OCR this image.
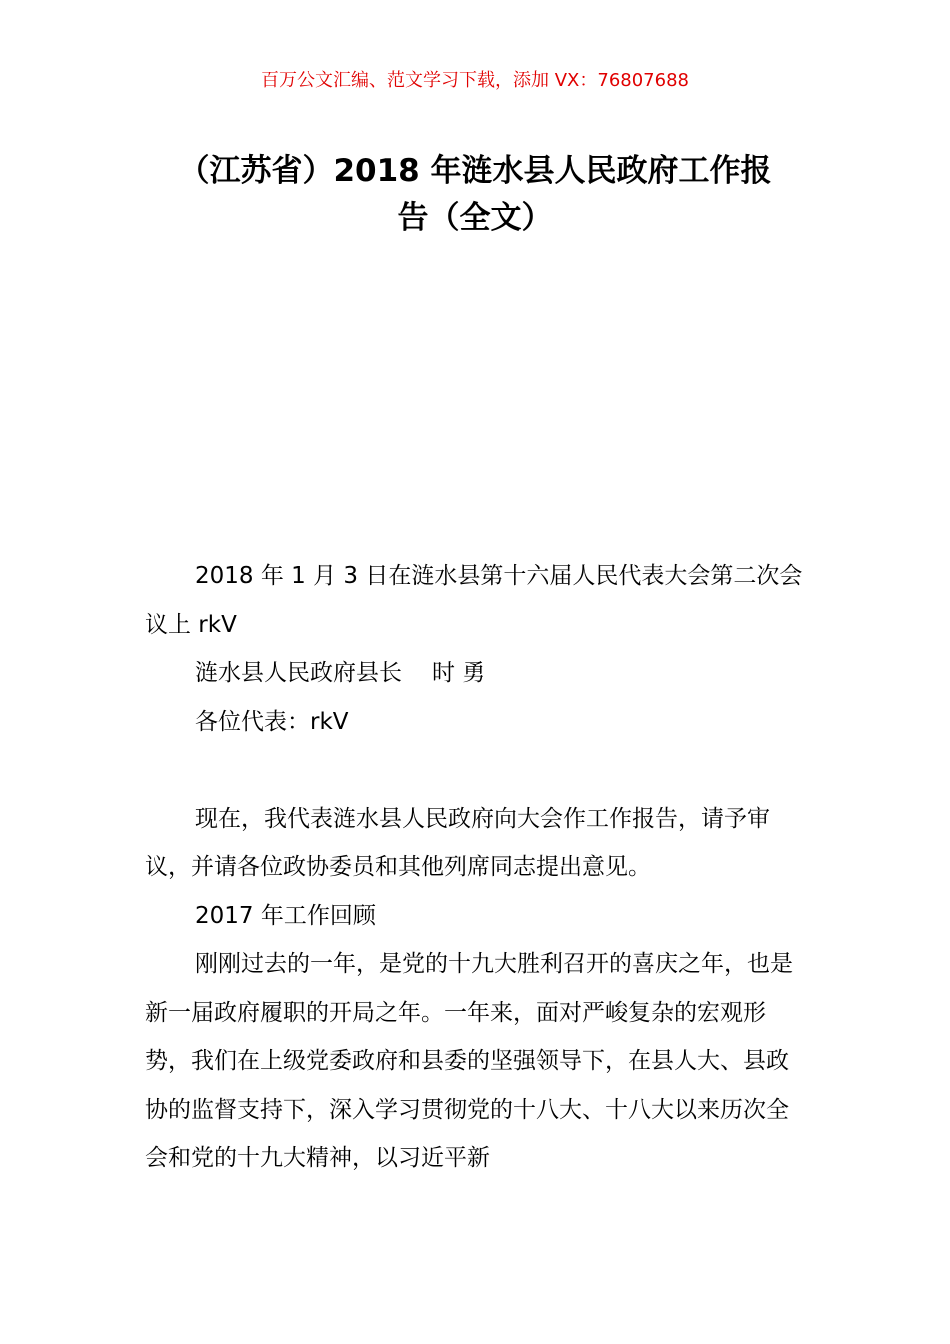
百万公文汇编、范文学习下载，添加 VX：76807688
（江苏省）2018 年涟水县人民政府工作报
告（全文）

2018 年 1 月 3 日在涟水县第十六届人民代表大会第二次会议上 rkV

涟水县人民政府县长 时 勇

各位代表：rkV

现在，我代表涟水县人民政府向大会作工作报告，请予审议，并请各位政协委员和其他列席同志提出意见。

2017 年工作回顾

刚刚过去的一年，是党的十九大胜利召开的喜庆之年，也是新一届政府履职的开局之年。一年来，面对严峻复杂的宏观形势，我们在上级党委政府和县委的坚强领导下，在县人大、县政协的监督支持下，深入学习贯彻党的十八大、十八大以来历次全会和党的十九大精神，以习近平新
